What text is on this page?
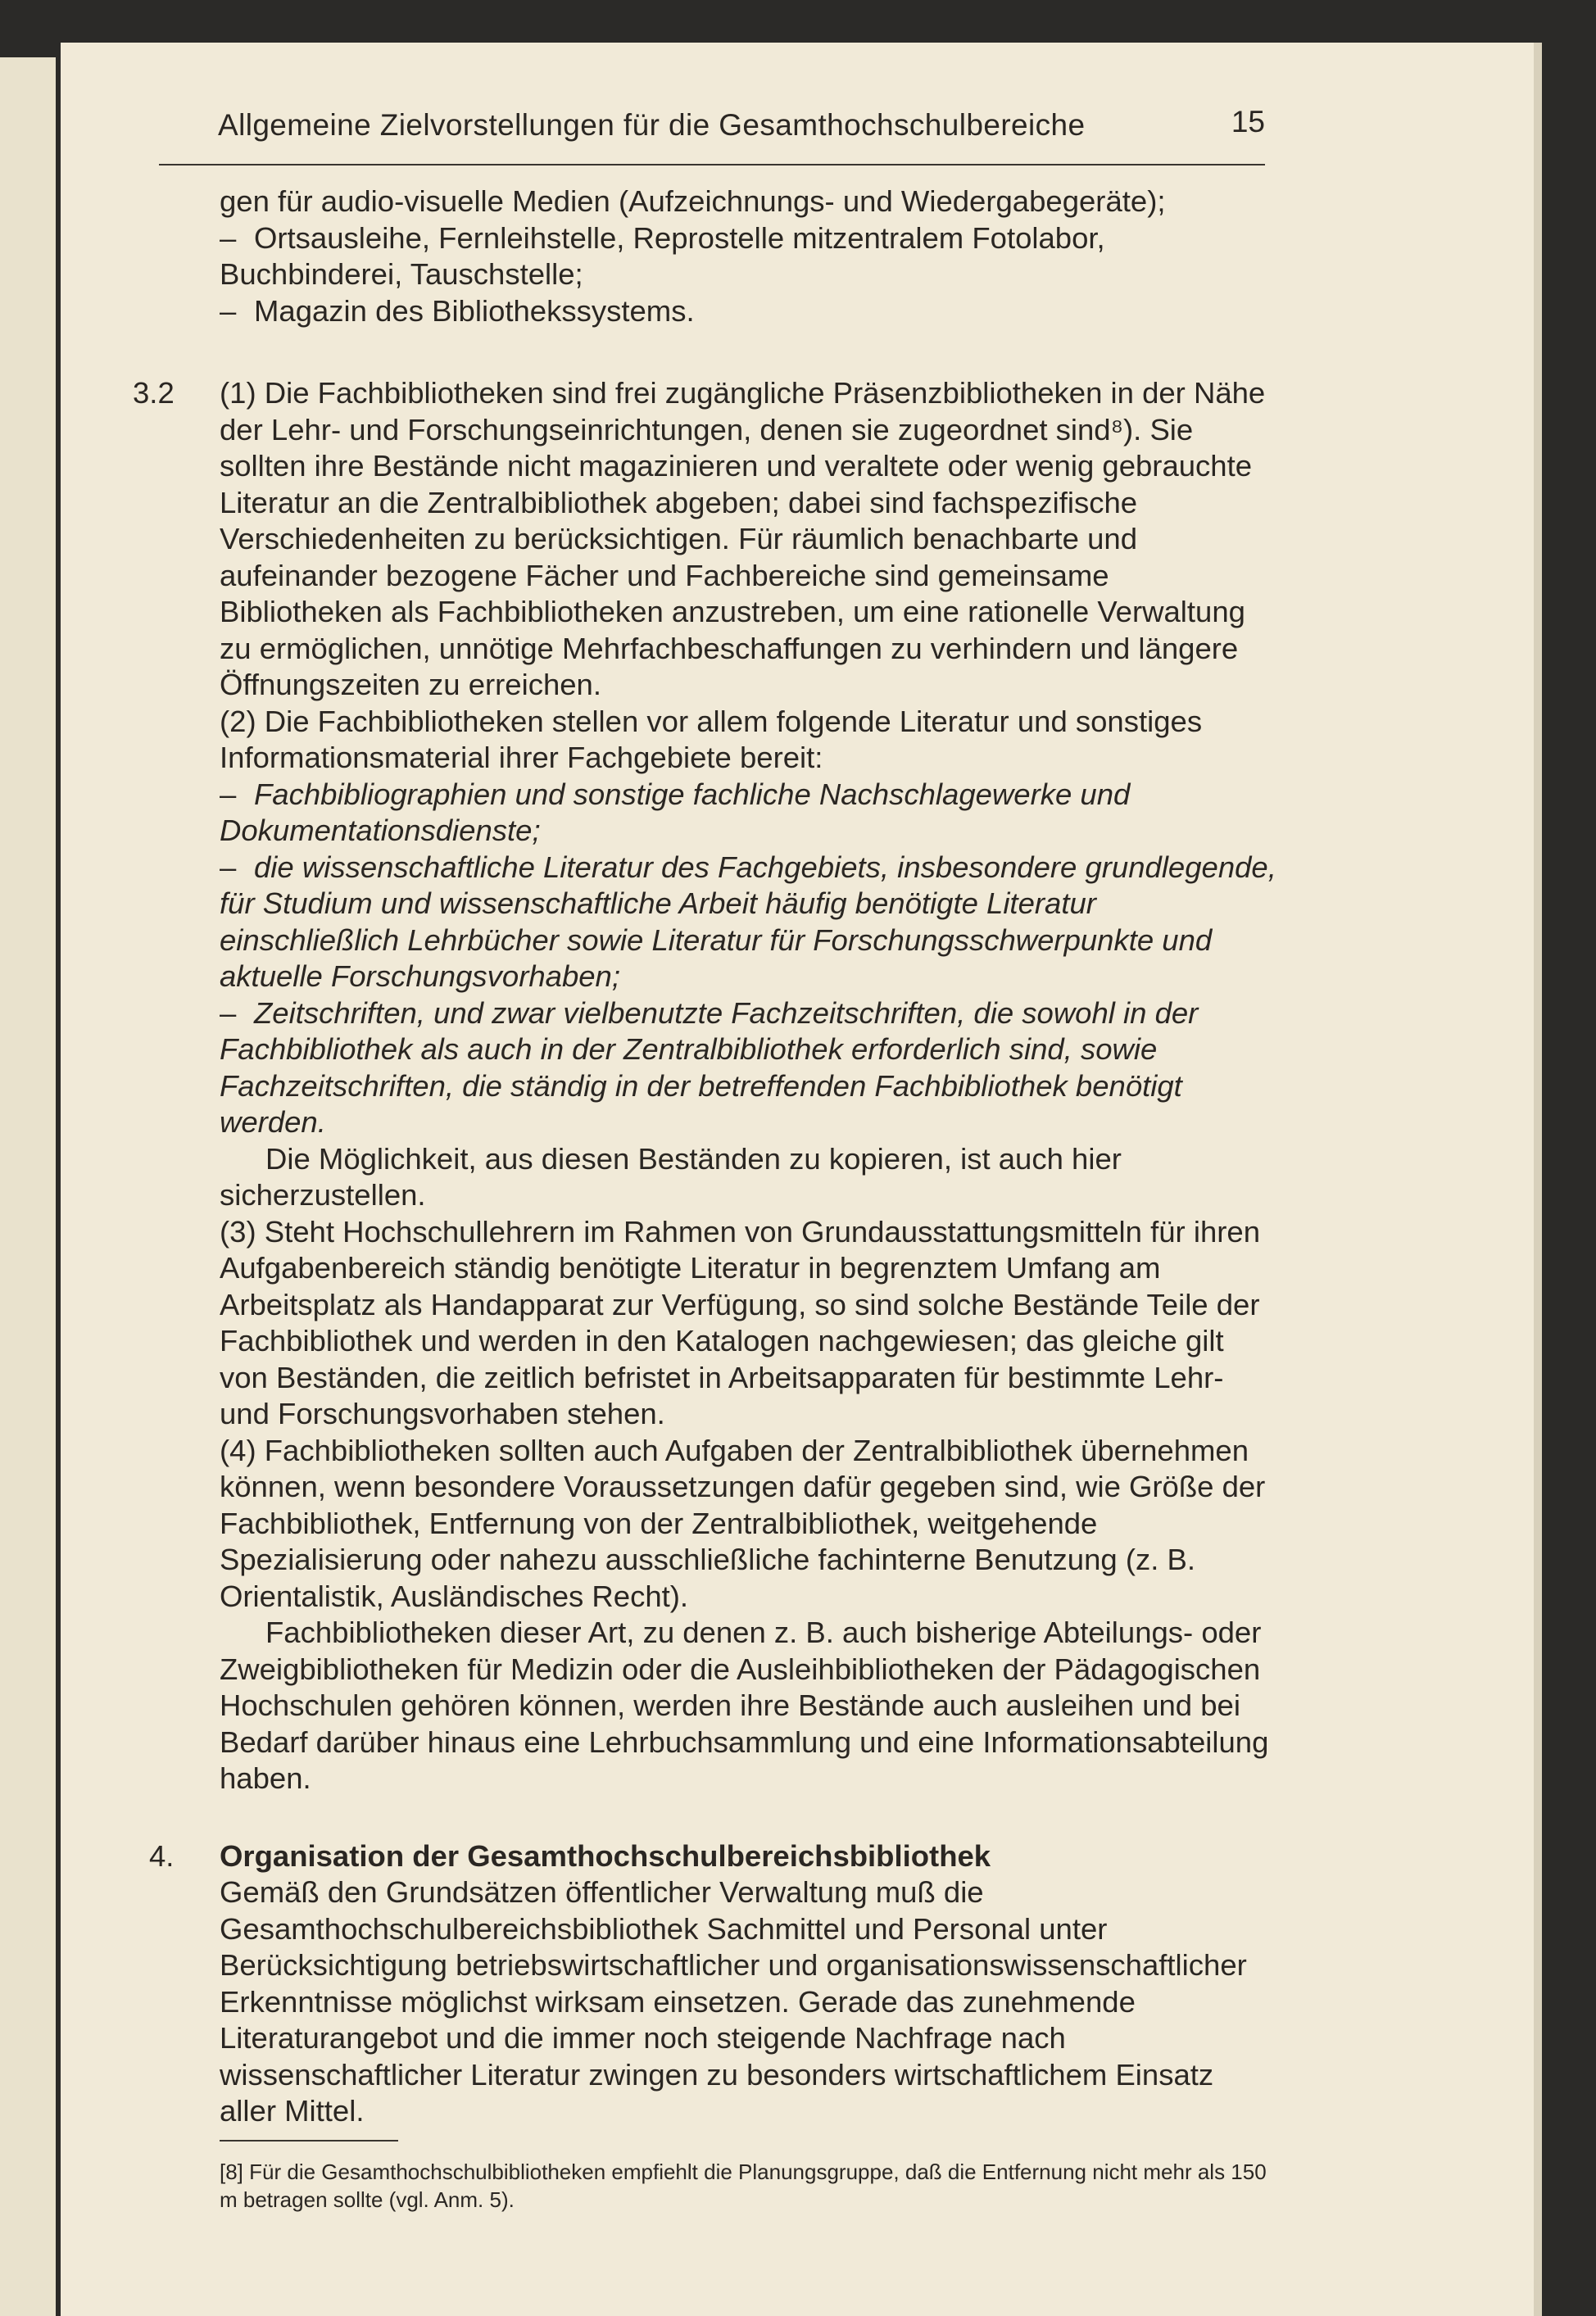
Allgemeine Zielvorstellungen für die Gesamthochschulbereiche	15

gen für audio-visuelle Medien (Aufzeichnungs- und Wiedergabegeräte);

– Ortsausleihe, Fernleihstelle, Reprostelle mitzentralem Fotolabor, Buchbinderei, Tauschstelle;

– Magazin des Bibliothekssystems.

3.2 (1) Die Fachbibliotheken sind frei zugängliche Präsenzbibliotheken in der Nähe der Lehr- und Forschungseinrichtungen, denen sie zugeordnet sind⁸). Sie sollten ihre Bestände nicht magazinieren und veraltete oder wenig gebrauchte Literatur an die Zentralbibliothek abgeben; dabei sind fachspezifische Verschiedenheiten zu berücksichtigen. Für räumlich benachbarte und aufeinander bezogene Fächer und Fachbereiche sind gemeinsame Bibliotheken als Fachbibliotheken anzustreben, um eine rationelle Verwaltung zu ermöglichen, unnötige Mehrfachbeschaffungen zu verhindern und längere Öffnungszeiten zu erreichen.

(2) Die Fachbibliotheken stellen vor allem folgende Literatur und sonstiges Informationsmaterial ihrer Fachgebiete bereit:

– Fachbibliographien und sonstige fachliche Nachschlagewerke und Dokumentationsdienste;

– die wissenschaftliche Literatur des Fachgebiets, insbesondere grundlegende, für Studium und wissenschaftliche Arbeit häufig benötigte Literatur einschließlich Lehrbücher sowie Literatur für Forschungsschwerpunkte und aktuelle Forschungsvorhaben;

– Zeitschriften, und zwar vielbenutzte Fachzeitschriften, die sowohl in der Fachbibliothek als auch in der Zentralbibliothek erforderlich sind, sowie Fachzeitschriften, die ständig in der betreffenden Fachbibliothek benötigt werden.

Die Möglichkeit, aus diesen Beständen zu kopieren, ist auch hier sicherzustellen.

(3) Steht Hochschullehrern im Rahmen von Grundausstattungsmitteln für ihren Aufgabenbereich ständig benötigte Literatur in begrenztem Umfang am Arbeitsplatz als Handapparat zur Verfügung, so sind solche Bestände Teile der Fachbibliothek und werden in den Katalogen nachgewiesen; das gleiche gilt von Beständen, die zeitlich befristet in Arbeitsapparaten für bestimmte Lehr- und Forschungsvorhaben stehen.

(4) Fachbibliotheken sollten auch Aufgaben der Zentralbibliothek übernehmen können, wenn besondere Voraussetzungen dafür gegeben sind, wie Größe der Fachbibliothek, Entfernung von der Zentralbibliothek, weitgehende Spezialisierung oder nahezu ausschließliche fachinterne Benutzung (z. B. Orientalistik, Ausländisches Recht).

Fachbibliotheken dieser Art, zu denen z. B. auch bisherige Abteilungs- oder Zweigbibliotheken für Medizin oder die Ausleihbibliotheken der Pädagogischen Hochschulen gehören können, werden ihre Bestände auch ausleihen und bei Bedarf darüber hinaus eine Lehrbuchsammlung und eine Informationsabteilung haben.

4. Organisation der Gesamthochschulbereichsbibliothek

Gemäß den Grundsätzen öffentlicher Verwaltung muß die Gesamthochschulbereichsbibliothek Sachmittel und Personal unter Berücksichtigung betriebswirtschaftlicher und organisationswissenschaftlicher Erkenntnisse möglichst wirksam einsetzen. Gerade das zunehmende Literaturangebot und die immer noch steigende Nachfrage nach wissenschaftlicher Literatur zwingen zu besonders wirtschaftlichem Einsatz aller Mittel.

[8] Für die Gesamthochschulbibliotheken empfiehlt die Planungsgruppe, daß die Entfernung nicht mehr als 150 m betragen sollte (vgl. Anm. 5).
